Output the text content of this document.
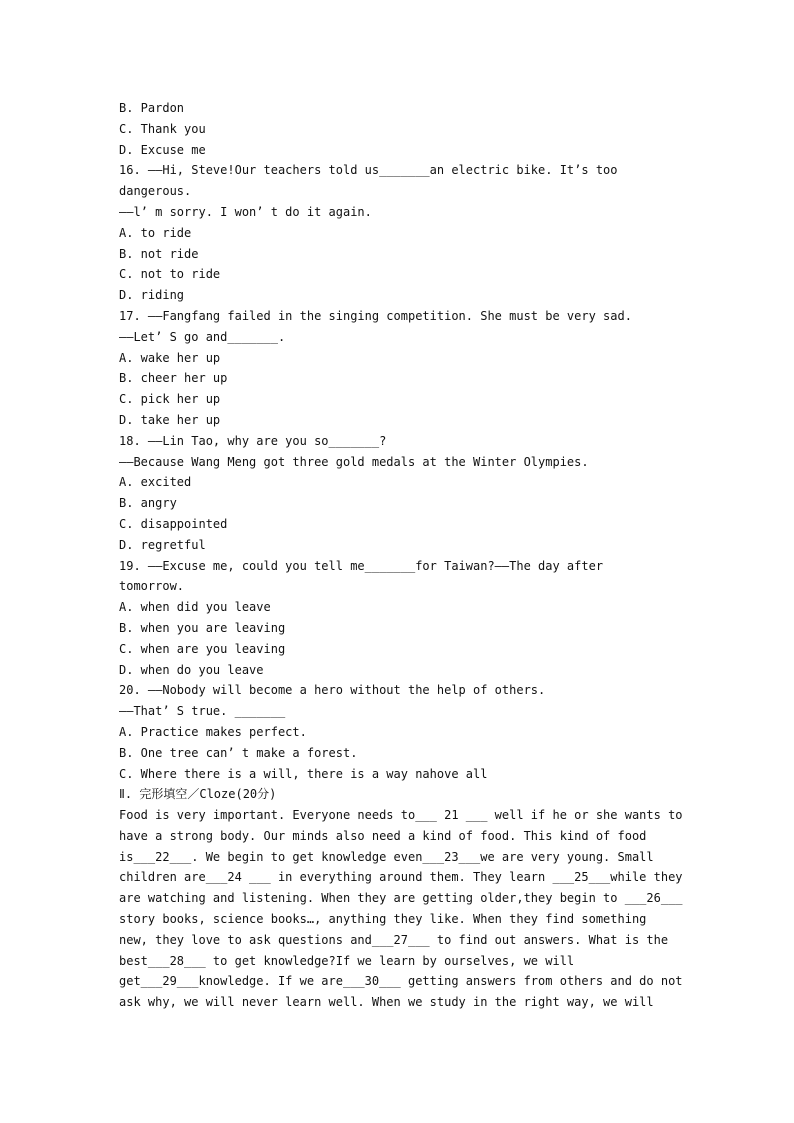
B. Pardon
C. Thank you
D. Excuse me
16. ——Hi, Steve!Our teachers told us_______an electric bike. It’s too
dangerous.
——l’ m sorry. I won’ t do it again.
A. to ride
B. not ride
C. not to ride
D. riding
17. ——Fangfang failed in the singing competition. She must be very sad.
——Let’ S go and_______.
A. wake her up
B. cheer her up
C. pick her up
D. take her up
18. ——Lin Tao, why are you so_______?
——Because Wang Meng got three gold medals at the Winter Olympies.
A. excited
B. angry
C. disappointed
D. regretful
19. ——Excuse me, could you tell me_______for Taiwan?——The day after
tomorrow.
A. when did you leave
B. when you are leaving
C. when are you leaving
D. when do you leave
20. ——Nobody will become a hero without the help of others.
——That’ S true. _______
A. Practice makes perfect.
B. One tree can’ t make a forest.
C. Where there is a will, there is a way nahove all
Ⅱ. 完形填空／Cloze(20分)
Food is very important. Everyone needs to___ 21 ___ well if he or she wants to
have a strong body. Our minds also need a kind of food. This kind of food
is___22___. We begin to get knowledge even___23___we are very young. Small
children are___24 ___ in everything around them. They learn ___25___while they
are watching and listening. When they are getting older,they begin to ___26___
story books, science books…, anything they like. When they find something
new, they love to ask questions and___27___ to find out answers. What is the
best___28___ to get knowledge?If we learn by ourselves, we will
get___29___knowledge. If we are___30___ getting answers from others and do not
ask why, we will never learn well. When we study in the right way, we will
